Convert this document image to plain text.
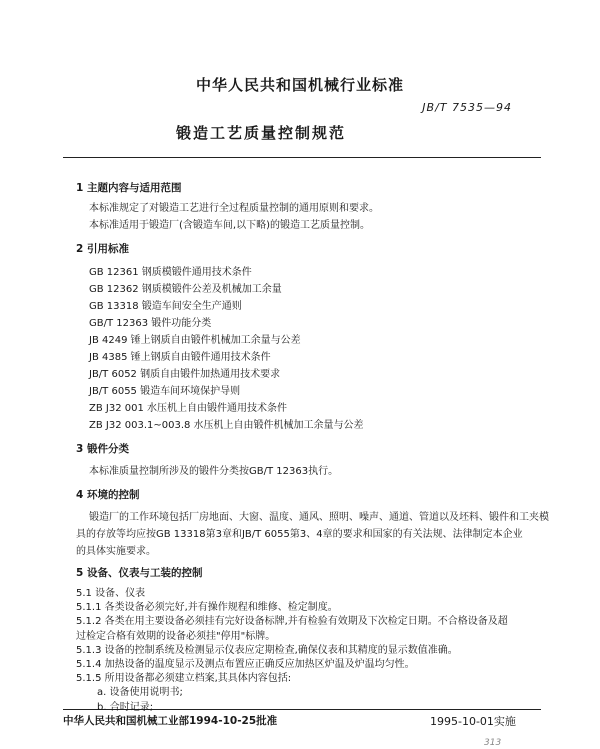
中华人民共和国机械行业标准
JB/T 7535—94
锻造工艺质量控制规范
1 主题内容与适用范围
本标准规定了对锻造工艺进行全过程质量控制的通用原则和要求。
本标准适用于锻造厂(含锻造车间,以下略)的锻造工艺质量控制。
2 引用标准
GB 12361 钢质模锻件通用技术条件
GB 12362 钢质模锻件公差及机械加工余量
GB 13318 锻造车间安全生产通则
GB/T 12363 锻件功能分类
JB 4249 锤上钢质自由锻件机械加工余量与公差
JB 4385 锤上钢质自由锻件通用技术条件
JB/T 6052 钢质自由锻件加热通用技术要求
JB/T 6055 锻造车间环境保护导则
ZB J32 001 水压机上自由锻件通用技术条件
ZB J32 003.1~003.8 水压机上自由锻件机械加工余量与公差
3 锻件分类
本标准质量控制所涉及的锻件分类按GB/T 12363执行。
4 环境的控制
锻造厂的工作环境包括厂房地面、大窗、温度、通风、照明、噪声、通道、管道以及坯料、锻件和工夹模
具的存放等均应按GB 13318第3章和JB/T 6055第3、4章的要求和国家的有关法规、法律制定本企业
的具体实施要求。
5 设备、仪表与工装的控制
5.1 设备、仪表
5.1.1 各类设备必须完好,并有操作规程和维修、检定制度。
5.1.2 各类在用主要设备必须挂有完好设备标牌,并有检验有效期及下次检定日期。不合格设备及超
过检定合格有效期的设备必须挂"停用"标牌。
5.1.3 设备的控制系统及检测显示仪表应定期检查,确保仪表和其精度的显示数值准确。
5.1.4 加热设备的温度显示及测点布置应正确反应加热区炉温及炉温均匀性。
5.1.5 所用设备都必须建立档案,其具体内容包括:
中华人民共和国机械工业部1994-10-25批准	1995-10-01实施
313
a. 设备使用说明书;
b. 合时记录;
